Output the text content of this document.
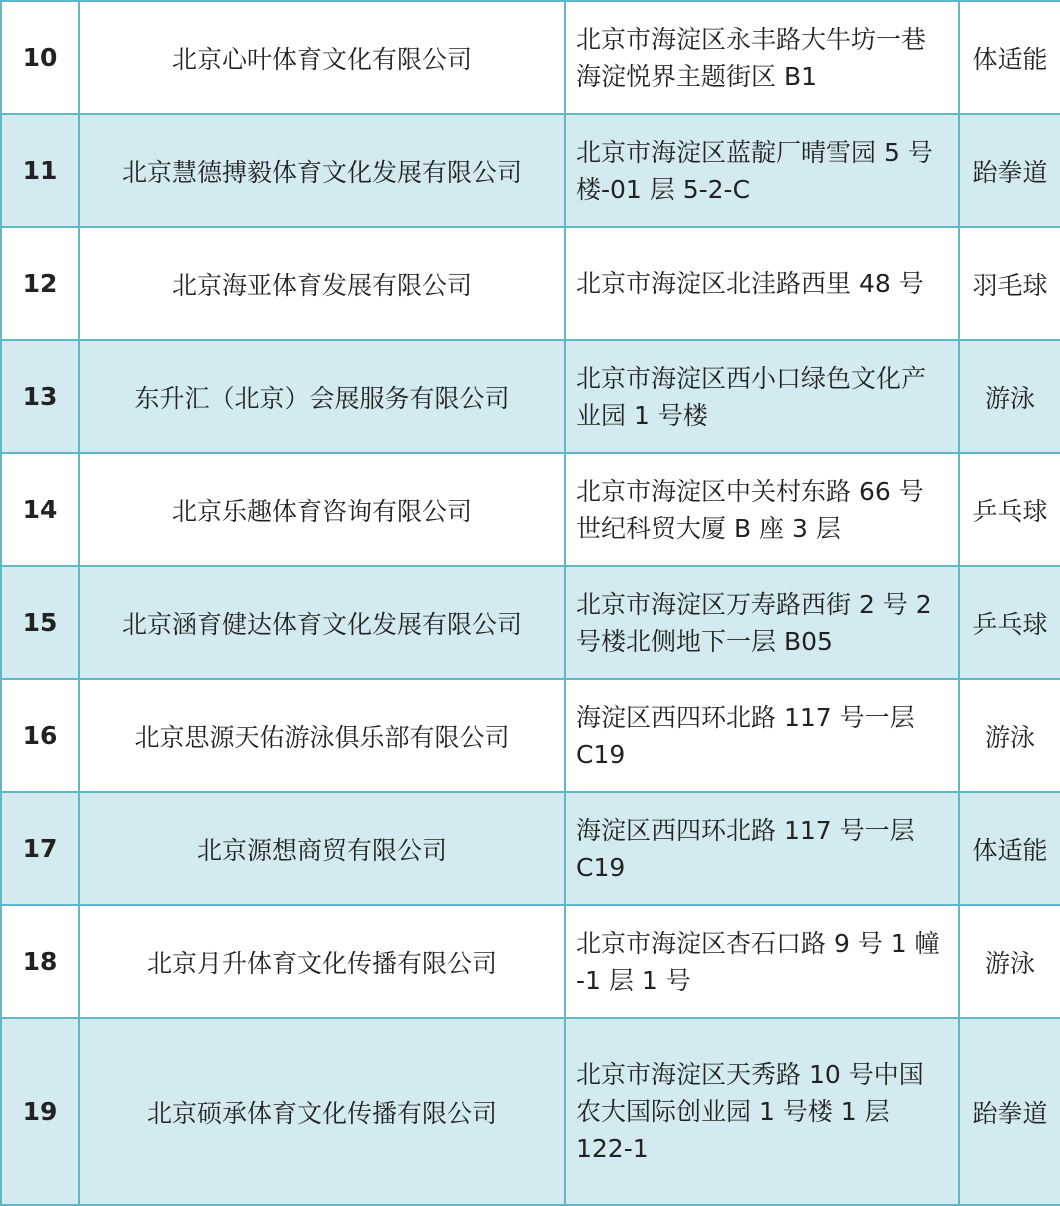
10	北京心叶体育文化有限公司	北京市海淀区永丰路大牛坊一巷
海淀悦界主题街区 B1	体适能
11	北京慧德搏毅体育文化发展有限公司	北京市海淀区蓝靛厂晴雪园 5 号
楼-01 层 5-2-C	跆拳道
12	北京海亚体育发展有限公司	北京市海淀区北洼路西里 48 号	羽毛球
13	东升汇（北京）会展服务有限公司	北京市海淀区西小口绿色文化产
业园 1 号楼	游泳
14	北京乐趣体育咨询有限公司	北京市海淀区中关村东路 66 号
世纪科贸大厦 B 座 3 层	乒乓球
15	北京涵育健达体育文化发展有限公司	北京市海淀区万寿路西街 2 号 2
号楼北侧地下一层 B05	乒乓球
16	北京思源天佑游泳俱乐部有限公司	海淀区西四环北路 117 号一层
C19	游泳
17	北京源想商贸有限公司	海淀区西四环北路 117 号一层
C19	体适能
18	北京月升体育文化传播有限公司	北京市海淀区杏石口路 9 号 1 幢
-1 层 1 号	游泳
19	北京硕承体育文化传播有限公司	北京市海淀区天秀路 10 号中国
农大国际创业园 1 号楼 1 层
122-1	跆拳道
